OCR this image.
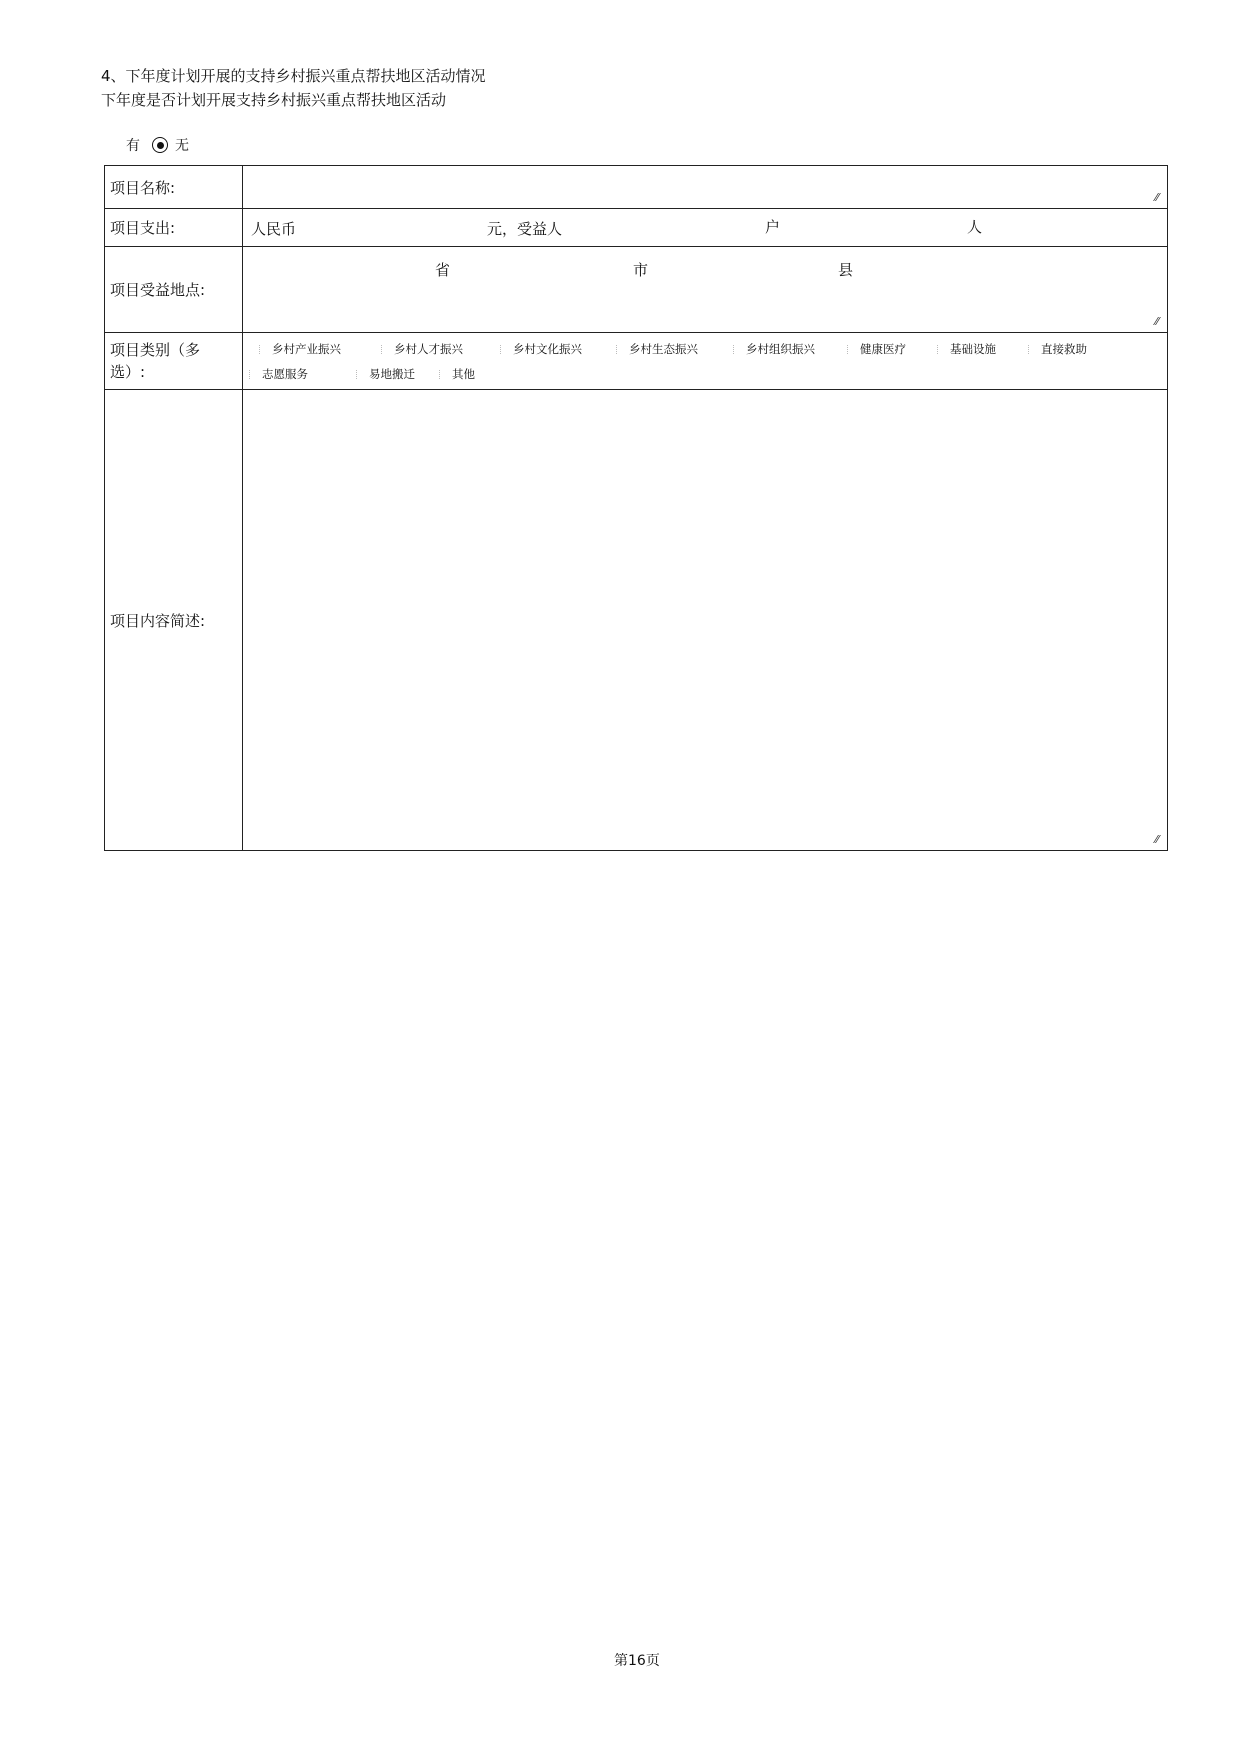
4、下年度计划开展的支持乡村振兴重点帮扶地区活动情况
下年度是否计划开展支持乡村振兴重点帮扶地区活动
有	无
项目名称:
⁄⁄
项目支出:	人民币	元，受益人	户	人
项目受益地点:
省	市	县
⁄⁄
项目类别（多
选）:
乡村产业振兴	乡村人才振兴	乡村文化振兴	乡村生态振兴	乡村组织振兴	健康医疗	基础设施	直接救助
志愿服务	易地搬迁	其他
项目内容简述:
⁄⁄
第16页
